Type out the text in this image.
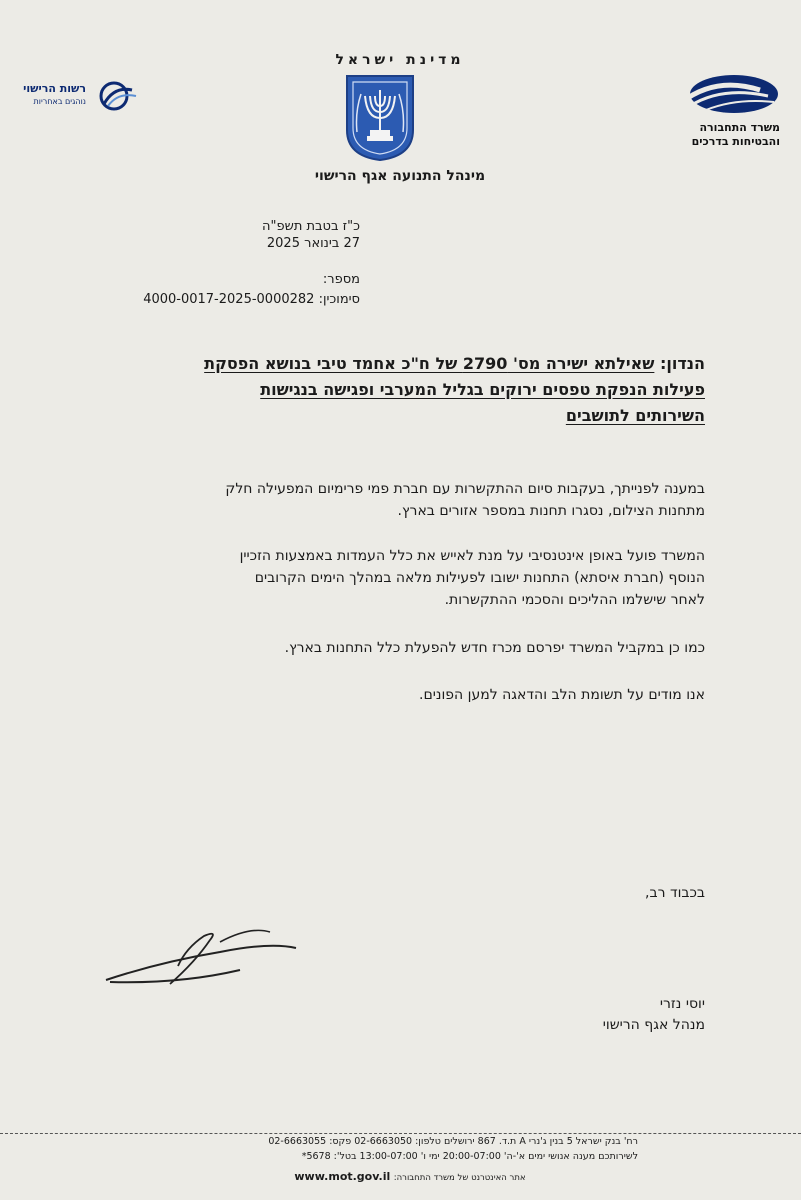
מדינת ישראל
מינהל התנועה אגף הרישוי
רשות הרישוי
נוהגים באחריות
משרד התחבורה
והבטיחות בדרכים
כ"ז בטבת תשפ"ה
27 בינואר 2025
מספר:
סימוכין: 4000-0017-2025-0000282
הנדון: שאילתא ישירה מס' 2790 של ח"כ אחמד טיבי בנושא הפסקת
פעילות הנפקת טפסים ירוקים בגליל המערבי ופגישה בנגישות
השירותים לתושבים
במענה לפנייתך, בעקבות סיום ההתקשרות עם חברת פמי פרימיום המפעילה חלק
מתחנות הצילום, נסגרו תחנות במספר אזורים בארץ.
המשרד פועל באופן אינטנסיבי על מנת לאייש את כלל העמדות באמצעות הזכיין
הנוסף (חברת איסתא) התחנות ישובו לפעילות מלאה במהלך הימים הקרובים
לאחר שישלמו ההליכים והסכמי ההתקשרות.
כמו כן במקביל המשרד יפרסם מכרז חדש להפעלת כלל התחנות בארץ.
אנו מודים על תשומת הלב והדאגה למען הפונים.
בכבוד רב,
יוסי נזרי
מנהל אגף הרישוי
רח' בנק ישראל 5 בנין ג'נרי A ת.ד. 867 ירושלים טלפון: 02-6663050 פקס: 02-6663055
לשירותכם מענה אנושי ימים א'-ה' 20:00-07:00 ימי ו' 13:00-07:00 בטל': 5678*
אתר האינטרנט של משרד התחבורה: www.mot.gov.il
